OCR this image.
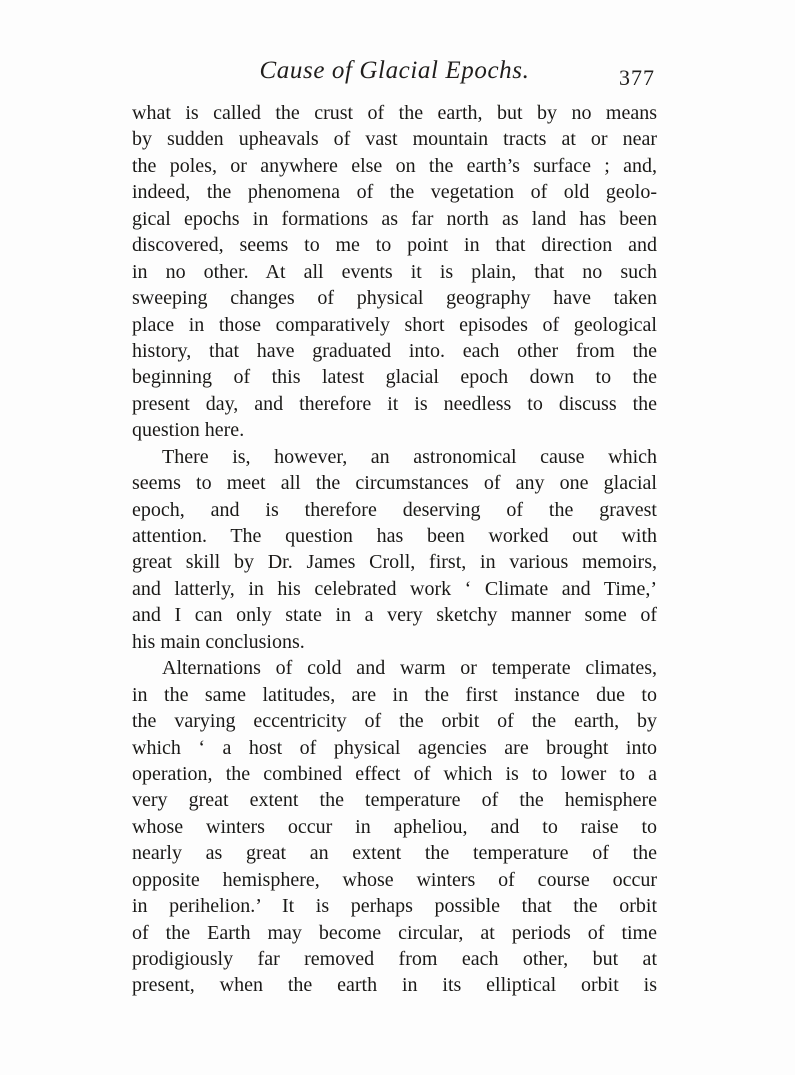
Cause of Glacial Epochs.	377
what is called the crust of the earth, but by no means
by sudden upheavals of vast mountain tracts at or near
the poles, or anywhere else on the earth’s surface ; and,
indeed, the phenomena of the vegetation of old geolo-
gical epochs in formations as far north as land has been
discovered, seems to me to point in that direction and
in no other. At all events it is plain, that no such
sweeping changes of physical geography have taken
place in those comparatively short episodes of geological
history, that have graduated into. each other from the
beginning of this latest glacial epoch down to the
present day, and therefore it is needless to discuss the
question here.
There is, however, an astronomical cause which
seems to meet all the circumstances of any one glacial
epoch, and is therefore deserving of the gravest
attention. The question has been worked out with
great skill by Dr. James Croll, first, in various memoirs,
and latterly, in his celebrated work ‘ Climate and Time,’
and I can only state in a very sketchy manner some of
his main conclusions.
Alternations of cold and warm or temperate climates,
in the same latitudes, are in the first instance due to
the varying eccentricity of the orbit of the earth, by
which ‘ a host of physical agencies are brought into
operation, the combined effect of which is to lower to a
very great extent the temperature of the hemisphere
whose winters occur in apheliou, and to raise to
nearly as great an extent the temperature of the
opposite hemisphere, whose winters of course occur
in perihelion.’ It is perhaps possible that the orbit
of the Earth may become circular, at periods of time
prodigiously far removed from each other, but at
present, when the earth in its elliptical orbit is
